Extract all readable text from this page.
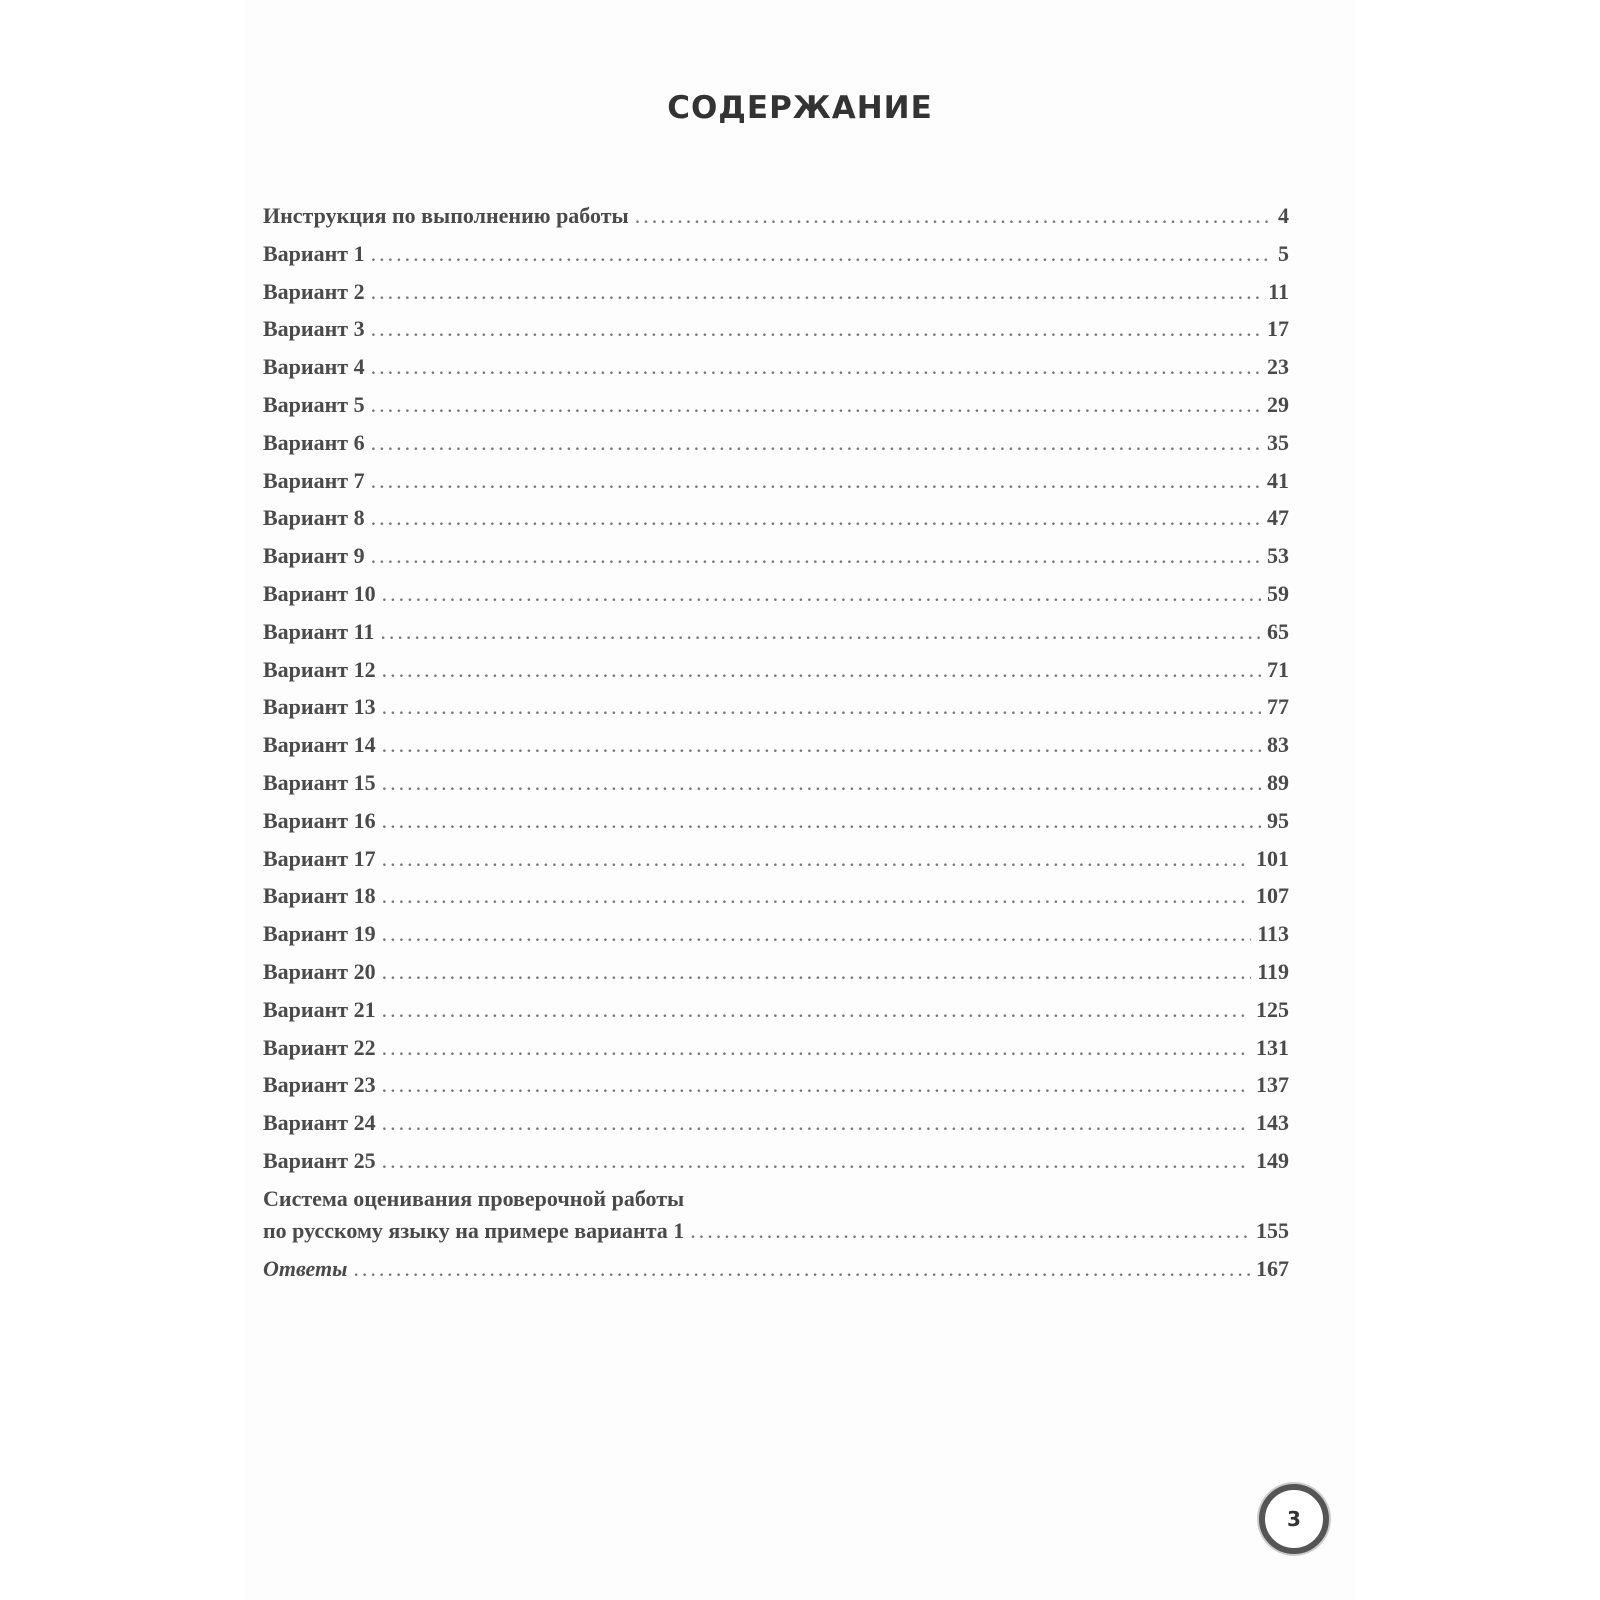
СОДЕРЖАНИЕ
Инструкция по выполнению работы .....	4
Вариант 1 .....	5
Вариант 2 .....	11
Вариант 3 .....	17
Вариант 4 .....	23
Вариант 5 .....	29
Вариант 6 .....	35
Вариант 7 .....	41
Вариант 8 .....	47
Вариант 9 .....	53
Вариант 10 .....	59
Вариант 11 .....	65
Вариант 12 .....	71
Вариант 13 .....	77
Вариант 14 .....	83
Вариант 15 .....	89
Вариант 16 .....	95
Вариант 17 .....	101
Вариант 18 .....	107
Вариант 19 .....	113
Вариант 20 .....	119
Вариант 21 .....	125
Вариант 22 .....	131
Вариант 23 .....	137
Вариант 24 .....	143
Вариант 25 .....	149
Система оценивания проверочной работы
по русскому языку на примере варианта 1 .....	155
Ответы .....	167
3
